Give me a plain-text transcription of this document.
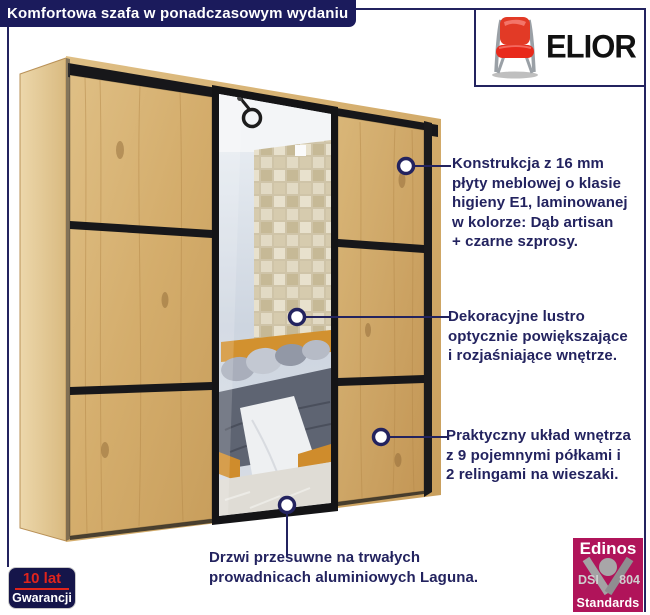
Komfortowa szafa w ponadczasowym wydaniu
ELIOR
Konstrukcja z 16 mm
płyty meblowej o klasie
higieny E1, laminowanej
w kolorze: Dąb artisan
+ czarne szprosy.
Dekoracyjne lustro
optycznie powiększające
i rozjaśniające wnętrze.
Praktyczny układ wnętrza
z 9 pojemnymi półkami i
2 relingami na wieszaki.
Drzwi przesuwne na trwałych
prowadnicach aluminiowych Laguna.
10 lat
Gwarancji
Edinos
DSI 804
Standards
